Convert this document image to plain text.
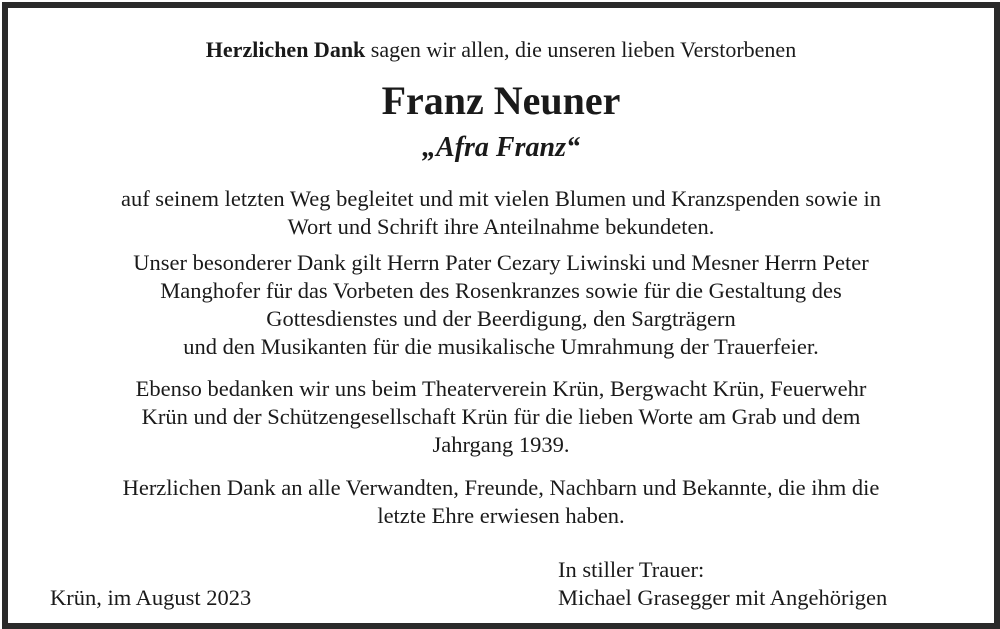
Herzlichen Dank sagen wir allen, die unseren lieben Verstorbenen
Franz Neuner
„Afra Franz“
auf seinem letzten Weg begleitet und mit vielen Blumen und Kranzspenden sowie in
Wort und Schrift ihre Anteilnahme bekundeten.
Unser besonderer Dank gilt Herrn Pater Cezary Liwinski und Mesner Herrn Peter
Manghofer für das Vorbeten des Rosenkranzes sowie für die Gestaltung des
Gottesdienstes und der Beerdigung, den Sargträgern
und den Musikanten für die musikalische Umrahmung der Trauerfeier.
Ebenso bedanken wir uns beim Theaterverein Krün, Bergwacht Krün, Feuerwehr
Krün und der Schützengesellschaft Krün für die lieben Worte am Grab und dem
Jahrgang 1939.
Herzlichen Dank an alle Verwandten, Freunde, Nachbarn und Bekannte, die ihm die
letzte Ehre erwiesen haben.
Krün, im August 2023
In stiller Trauer:
Michael Grasegger mit Angehörigen
